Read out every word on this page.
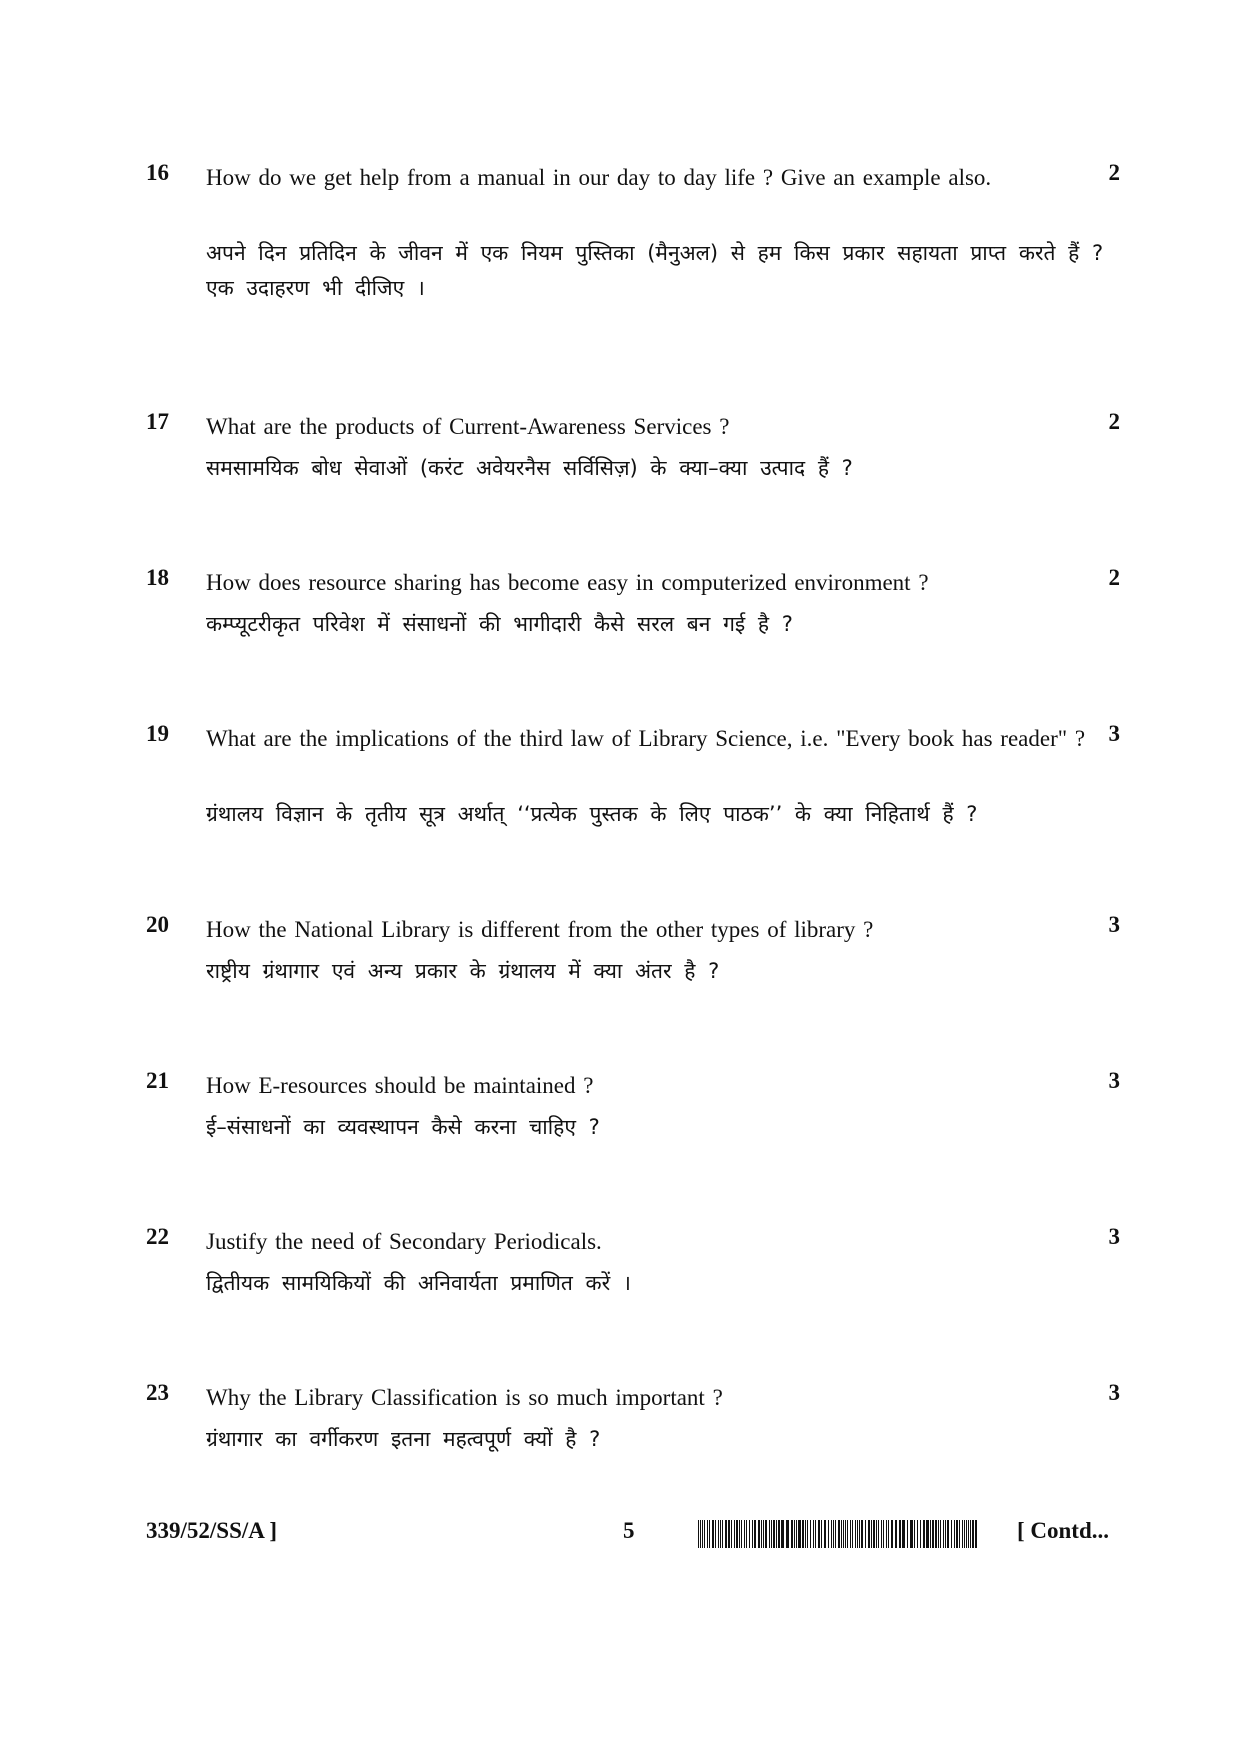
16 How do we get help from a manual in our day to day life ? Give an example also.

अपने दिन प्रतिदिन के जीवन में एक नियम पुस्तिका (मैनुअल) से हम किस प्रकार सहायता प्राप्त करते हैं ? एक उदाहरण भी दीजिए ।

2
17 What are the products of Current-Awareness Services ?

समसामयिक बोध सेवाओं (करंट अवेयरनैस सर्विसिज़) के क्या–क्या उत्पाद हैं ?

2
18 How does resource sharing has become easy in computerized environment ?

कम्प्यूटरीकृत परिवेश में संसाधनों की भागीदारी कैसे सरल बन गई है ?

2
19 What are the implications of the third law of Library Science, i.e. "Every book has reader" ?

ग्रंथालय विज्ञान के तृतीय सूत्र अर्थात् ‘‘प्रत्येक पुस्तक के लिए पाठक’’ के क्या निहितार्थ हैं ?

3
20 How the National Library is different from the other types of library ?

राष्ट्रीय ग्रंथागार एवं अन्य प्रकार के ग्रंथालय में क्या अंतर है ?

3
21 How E-resources should be maintained ?

ई–संसाधनों का व्यवस्थापन कैसे करना चाहिए ?

3
22 Justify the need of Secondary Periodicals.

द्वितीयक सामयिकियों की अनिवार्यता प्रमाणित करें ।

3
23 Why the Library Classification is so much important ?

ग्रंथागार का वर्गीकरण इतना महत्वपूर्ण क्यों है ?

3
339/52/SS/A ]	5	[ Contd...
